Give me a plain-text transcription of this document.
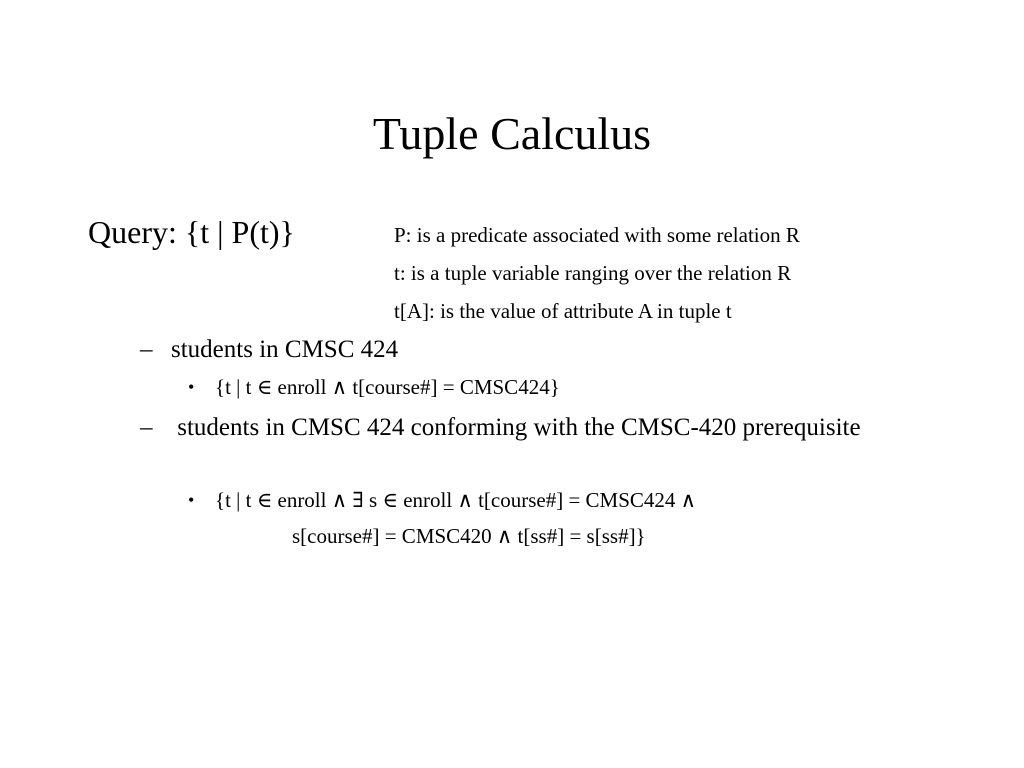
Tuple Calculus
Query: {t | P(t)}	P: is a predicate associated with some relation R
t: is a tuple variable ranging over the relation R
t[A]: is the value of attribute A in tuple t
– students in CMSC 424
• {t | t ∈ enroll ∧ t[course#] = CMSC424}
– students in CMSC 424 conforming with the CMSC-420 prerequisite
• {t | t ∈ enroll ∧ ∃ s ∈ enroll ∧ t[course#] = CMSC424 ∧
s[course#] = CMSC420 ∧ t[ss#] = s[ss#]}
